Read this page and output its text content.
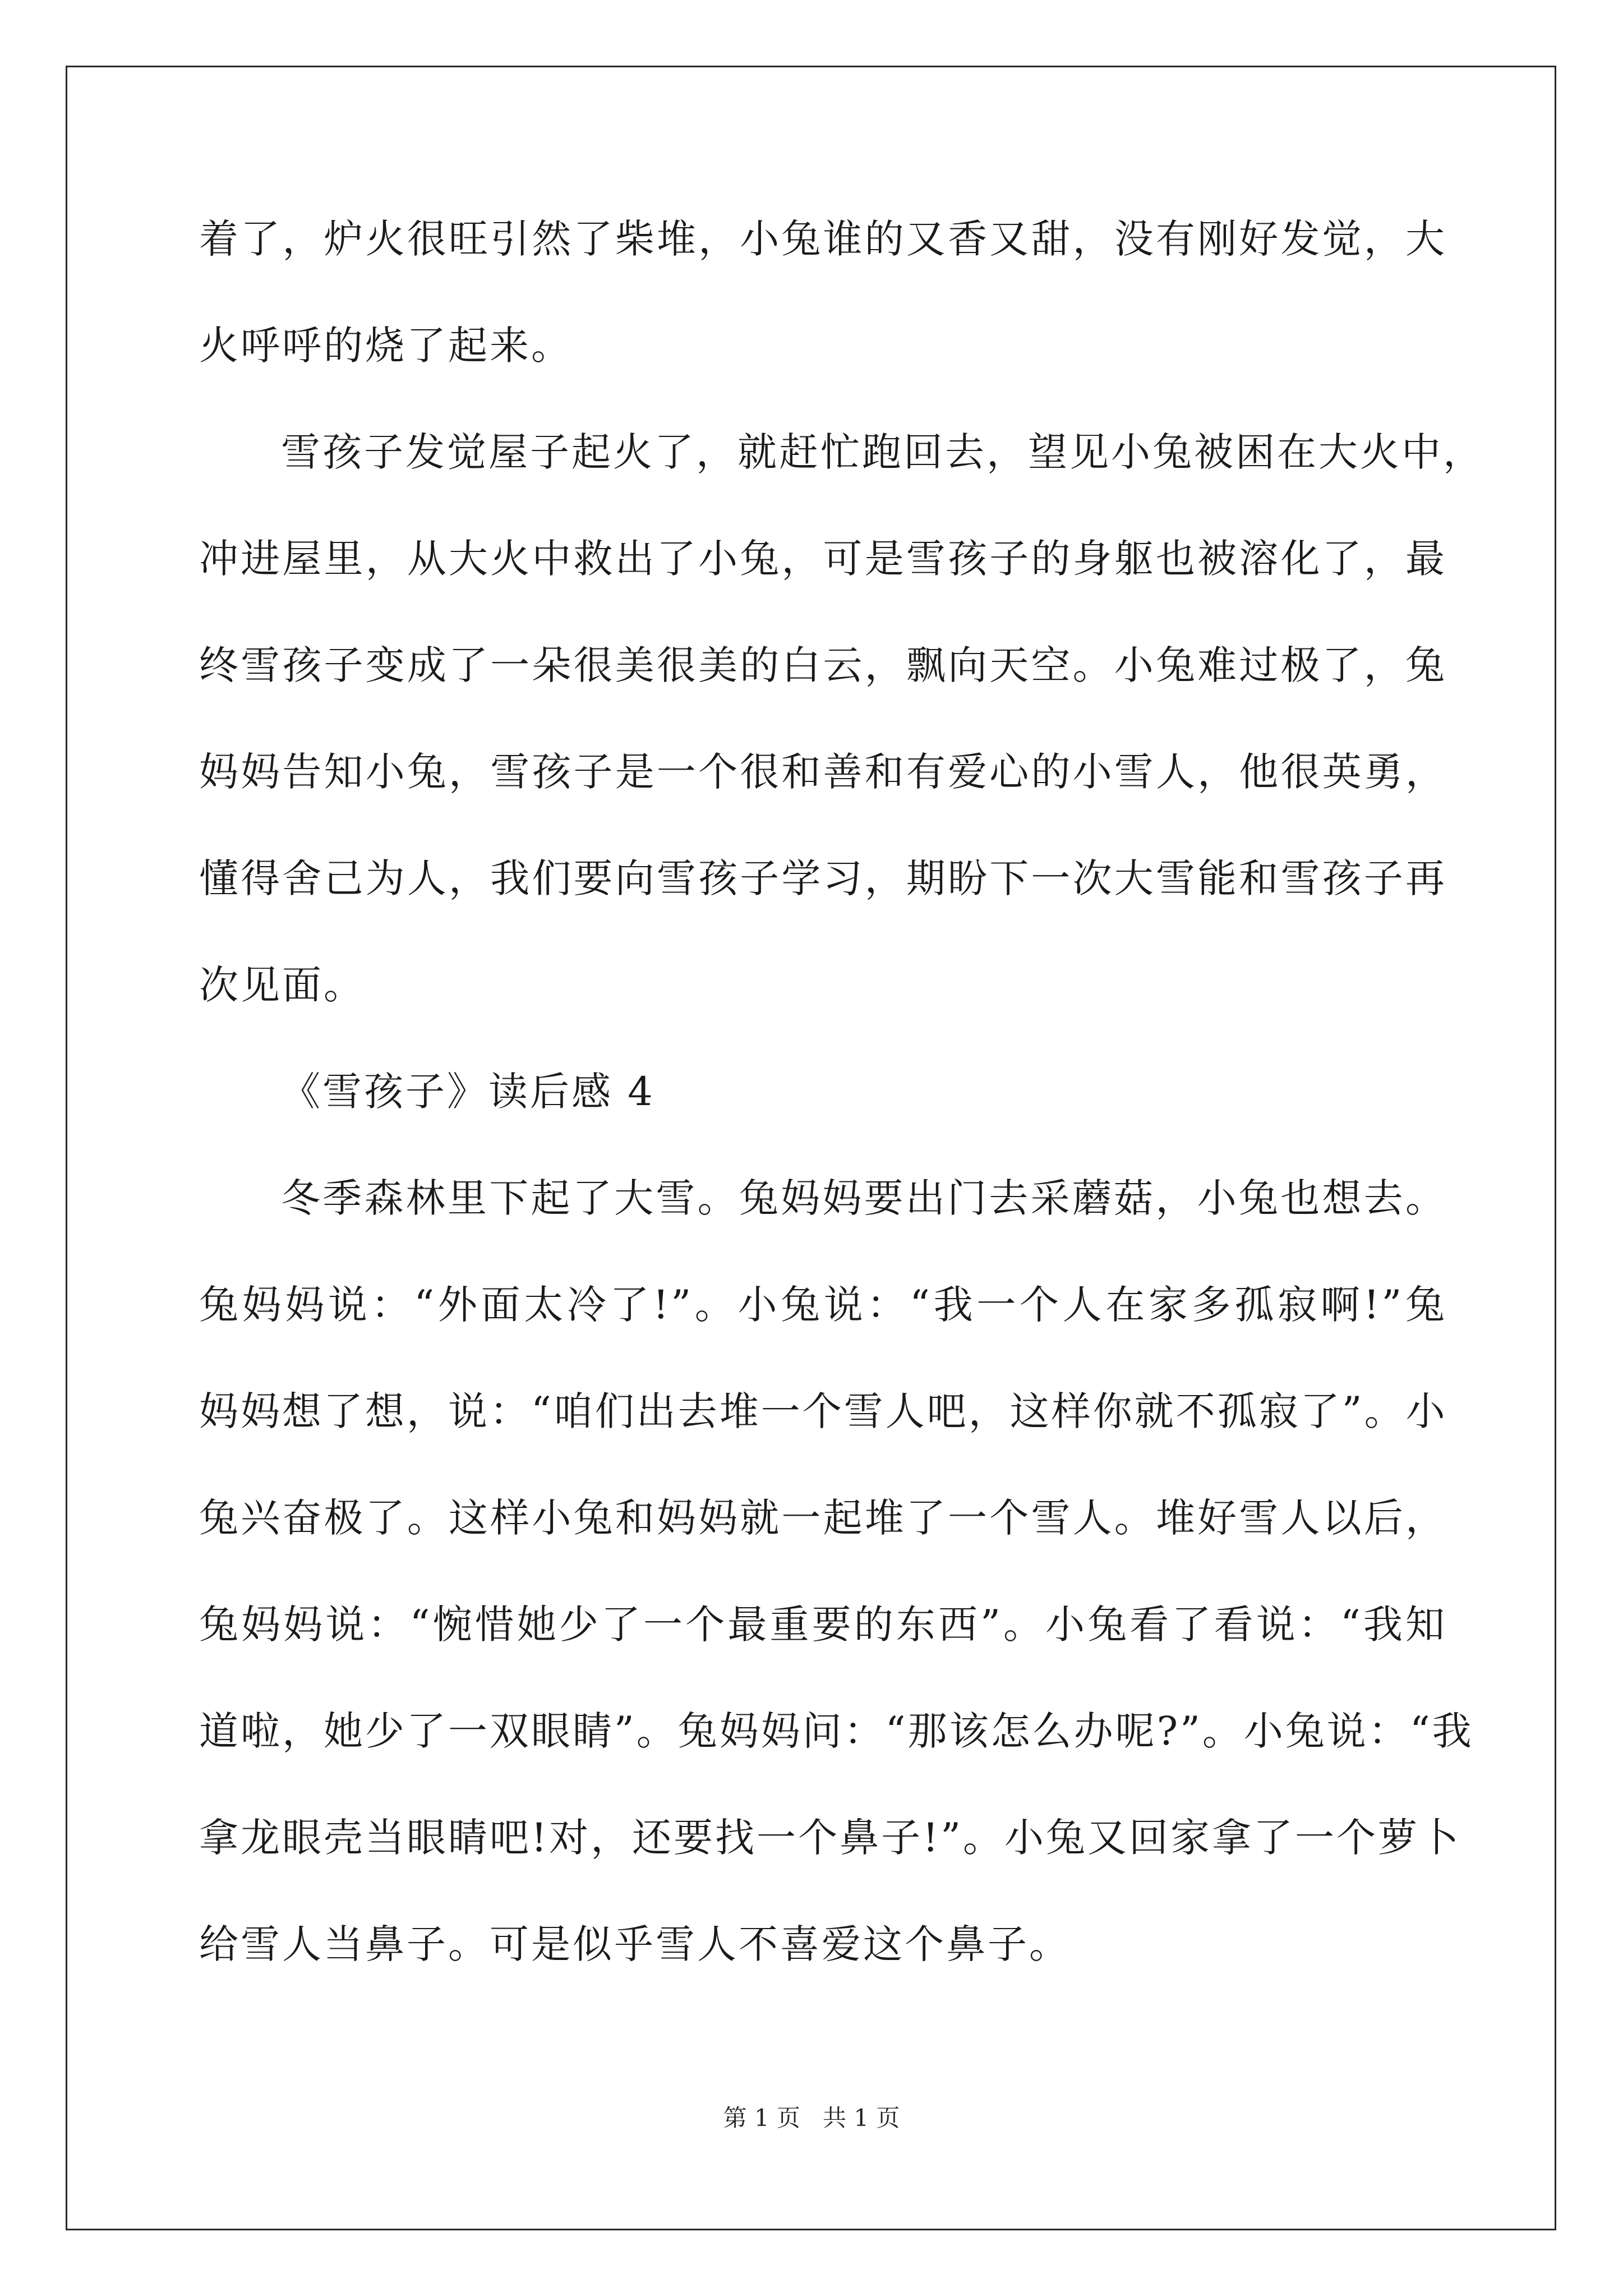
着了，炉火很旺引然了柴堆，小兔谁的又香又甜，没有刚好发觉，大
火呼呼的烧了起来。
雪孩子发觉屋子起火了，就赶忙跑回去，望见小兔被困在大火中，
冲进屋里，从大火中救出了小兔，可是雪孩子的身躯也被溶化了，最
终雪孩子变成了一朵很美很美的白云，飘向天空。小兔难过极了，兔
妈妈告知小兔，雪孩子是一个很和善和有爱心的小雪人，他很英勇，
懂得舍己为人，我们要向雪孩子学习，期盼下一次大雪能和雪孩子再
次见面。
《雪孩子》读后感 4
冬季森林里下起了大雪。兔妈妈要出门去采蘑菇，小兔也想去。
兔妈妈说：“外面太冷了!”。小兔说：“我一个人在家多孤寂啊!”兔
妈妈想了想，说：“咱们出去堆一个雪人吧，这样你就不孤寂了”。小
兔兴奋极了。这样小兔和妈妈就一起堆了一个雪人。堆好雪人以后，
兔妈妈说：“惋惜她少了一个最重要的东西”。小兔看了看说：“我知
道啦，她少了一双眼睛”。兔妈妈问：“那该怎么办呢?”。小兔说：“我
拿龙眼壳当眼睛吧!对，还要找一个鼻子!”。小兔又回家拿了一个萝卜
给雪人当鼻子。可是似乎雪人不喜爱这个鼻子。
第 1 页 共 1 页
